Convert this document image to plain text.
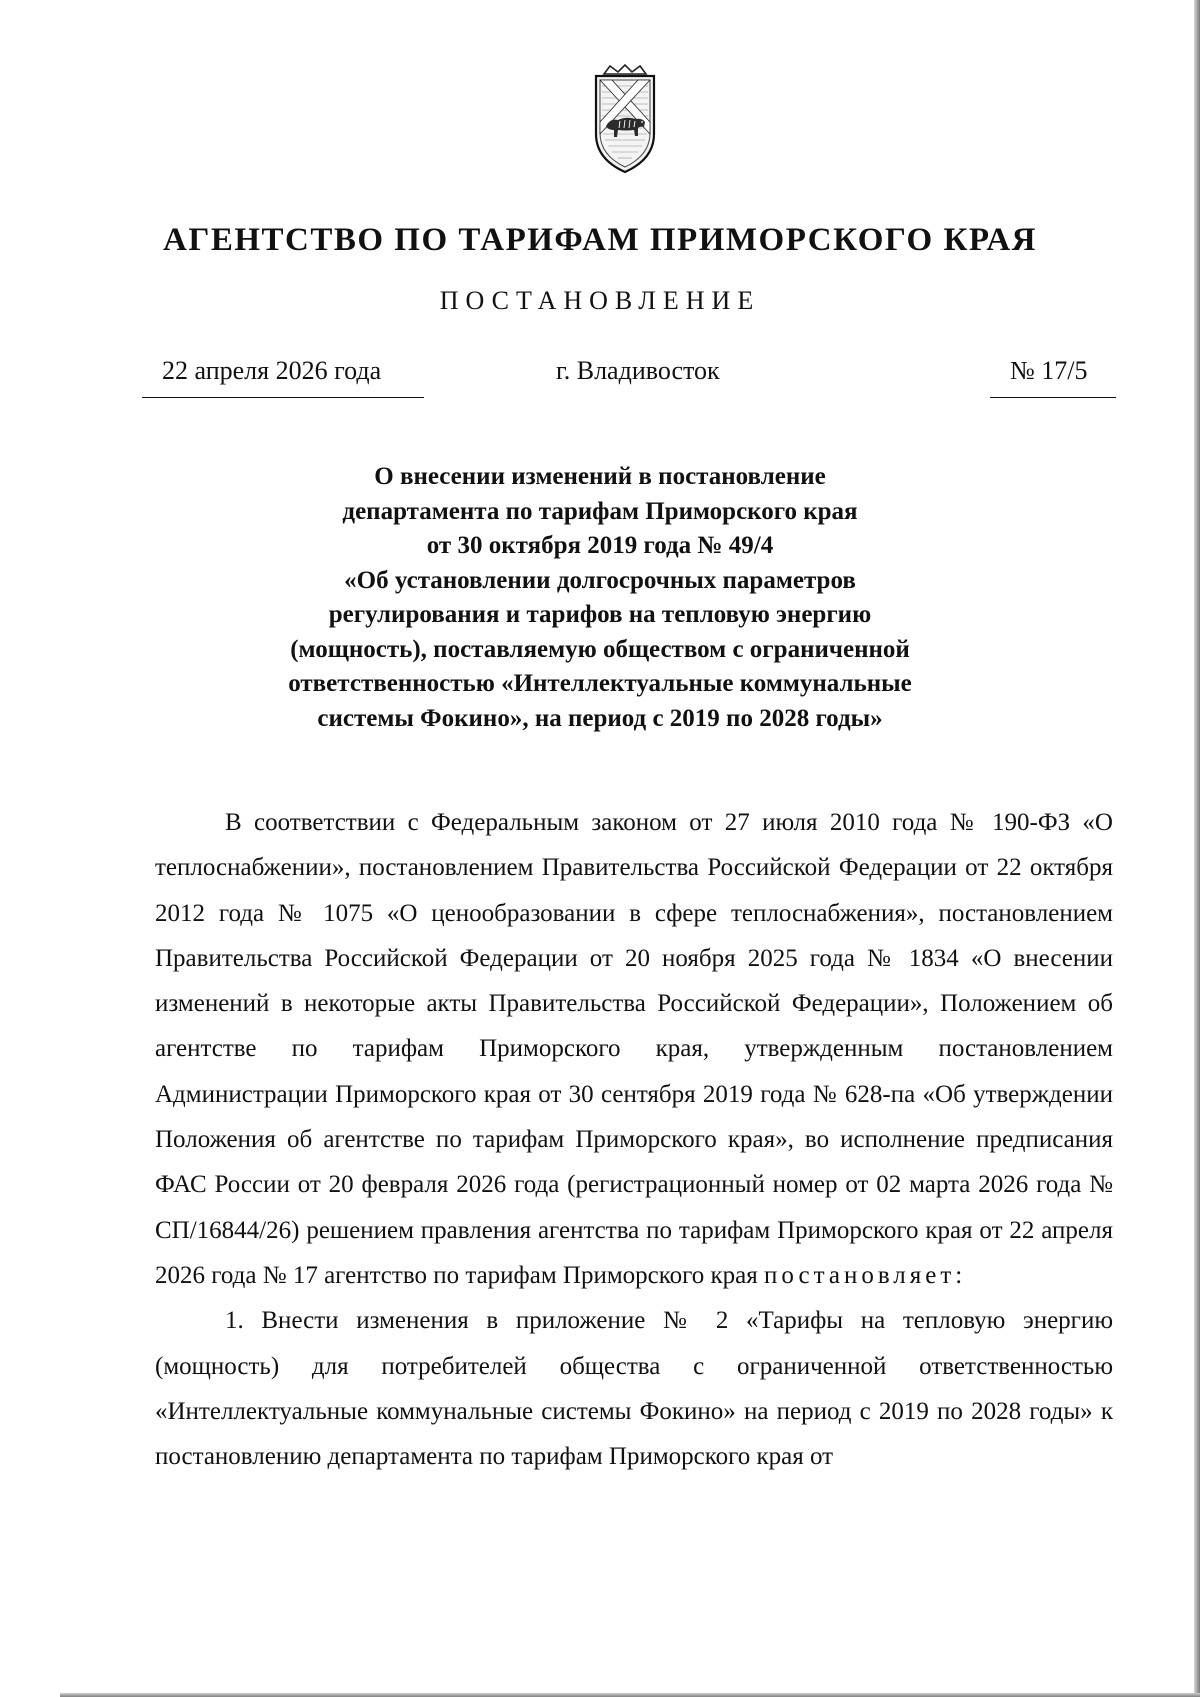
АГЕНТСТВО ПО ТАРИФАМ ПРИМОРСКОГО КРАЯ
ПОСТАНОВЛЕНИЕ
22 апреля 2026 года	г. Владивосток	№ 17/5
О внесении изменений в постановление
департамента по тарифам Приморского края
от 30 октября 2019 года № 49/4
«Об установлении долгосрочных параметров
регулирования и тарифов на тепловую энергию
(мощность), поставляемую обществом с ограниченной
ответственностью «Интеллектуальные коммунальные
системы Фокино», на период с 2019 по 2028 годы»

В соответствии с Федеральным законом от 27 июля 2010 года № 190-ФЗ «О теплоснабжении», постановлением Правительства Российской Федерации от 22 октября 2012 года № 1075 «О ценообразовании в сфере теплоснабжения», постановлением Правительства Российской Федерации от 20 ноября 2025 года № 1834 «О внесении изменений в некоторые акты Правительства Российской Федерации», Положением об агентстве по тарифам Приморского края, утвержденным постановлением Администрации Приморского края от 30 сентября 2019 года № 628-па «Об утверждении Положения об агентстве по тарифам Приморского края», во исполнение предписания ФАС России от 20 февраля 2026 года (регистрационный номер от 02 марта 2026 года № СП/16844/26) решением правления агентства по тарифам Приморского края от 22 апреля 2026 года № 17 агентство по тарифам Приморского края постановляет:

1. Внести изменения в приложение № 2 «Тарифы на тепловую энергию (мощность) для потребителей общества с ограниченной ответственностью «Интеллектуальные коммунальные системы Фокино» на период с 2019 по 2028 годы» к постановлению департамента по тарифам Приморского края от
